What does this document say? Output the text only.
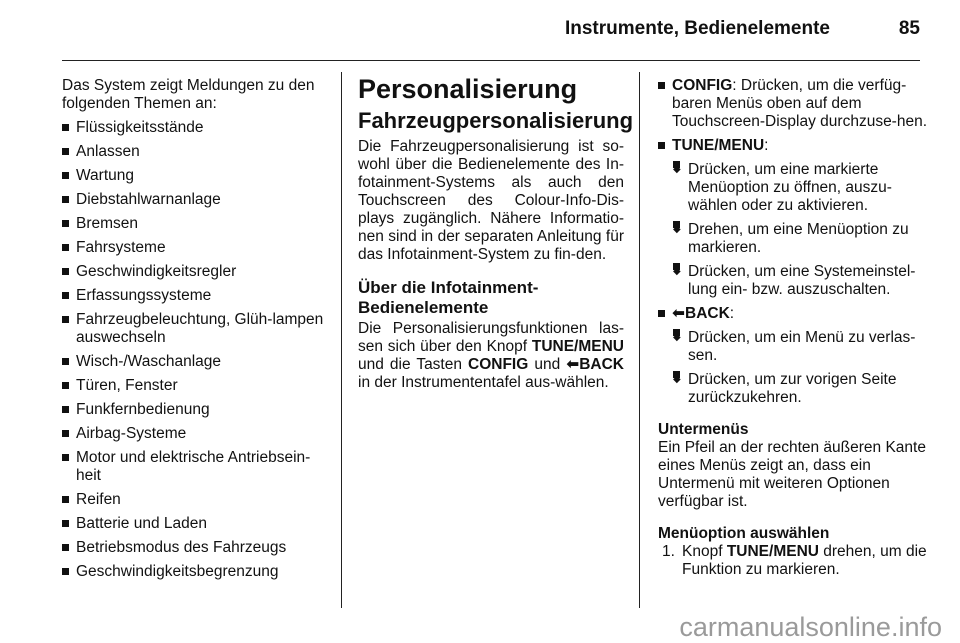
Instrumente, Bedienelemente	85

Das System zeigt Meldungen zu den folgenden Themen an:

Flüssigkeitsstände
Anlassen
Wartung
Diebstahlwarnanlage
Bremsen
Fahrsysteme
Geschwindigkeitsregler
Erfassungssysteme
Fahrzeugbeleuchtung, Glüh-lampen auswechseln
Wisch-/Waschanlage
Türen, Fenster
Funkfernbedienung
Airbag-Systeme
Motor und elektrische Antriebsein-heit
Reifen
Batterie und Laden
Betriebsmodus des Fahrzeugs
Geschwindigkeitsbegrenzung
Personalisierung
Fahrzeugpersonalisierung

Die Fahrzeugpersonalisierung ist so-wohl über die Bedienelemente des In-fotainment-Systems als auch den Touchscreen des Colour-Info-Dis-plays zugänglich. Nähere Informatio-nen sind in der separaten Anleitung für das Infotainment-System zu fin-den.

Über die Infotainment-Bedienelemente

Die Personalisierungsfunktionen las-sen sich über den Knopf TUNE/MENU und die Tasten CONFIG und ⬅BACK in der Instrumententafel aus-wählen.

CONFIG: Drücken, um die verfüg-baren Menüs oben auf dem Touchscreen-Display durchzuse-hen.
TUNE/MENU:
◆ Drücken, um eine markierte Menüoption zu öffnen, auszu-wählen oder zu aktivieren.
◆ Drehen, um eine Menüoption zu markieren.
◆ Drücken, um eine Systemeinstel-lung ein- bzw. auszuschalten.
⬅BACK:
◆ Drücken, um ein Menü zu verlas-sen.
◆ Drücken, um zur vorigen Seite zurückzukehren.
Untermenüs

Ein Pfeil an der rechten äußeren Kante eines Menüs zeigt an, dass ein Untermenü mit weiteren Optionen verfügbar ist.

Menüoption auswählen
1. Knopf TUNE/MENU drehen, um die Funktion zu markieren.
carmanualsonline.info
